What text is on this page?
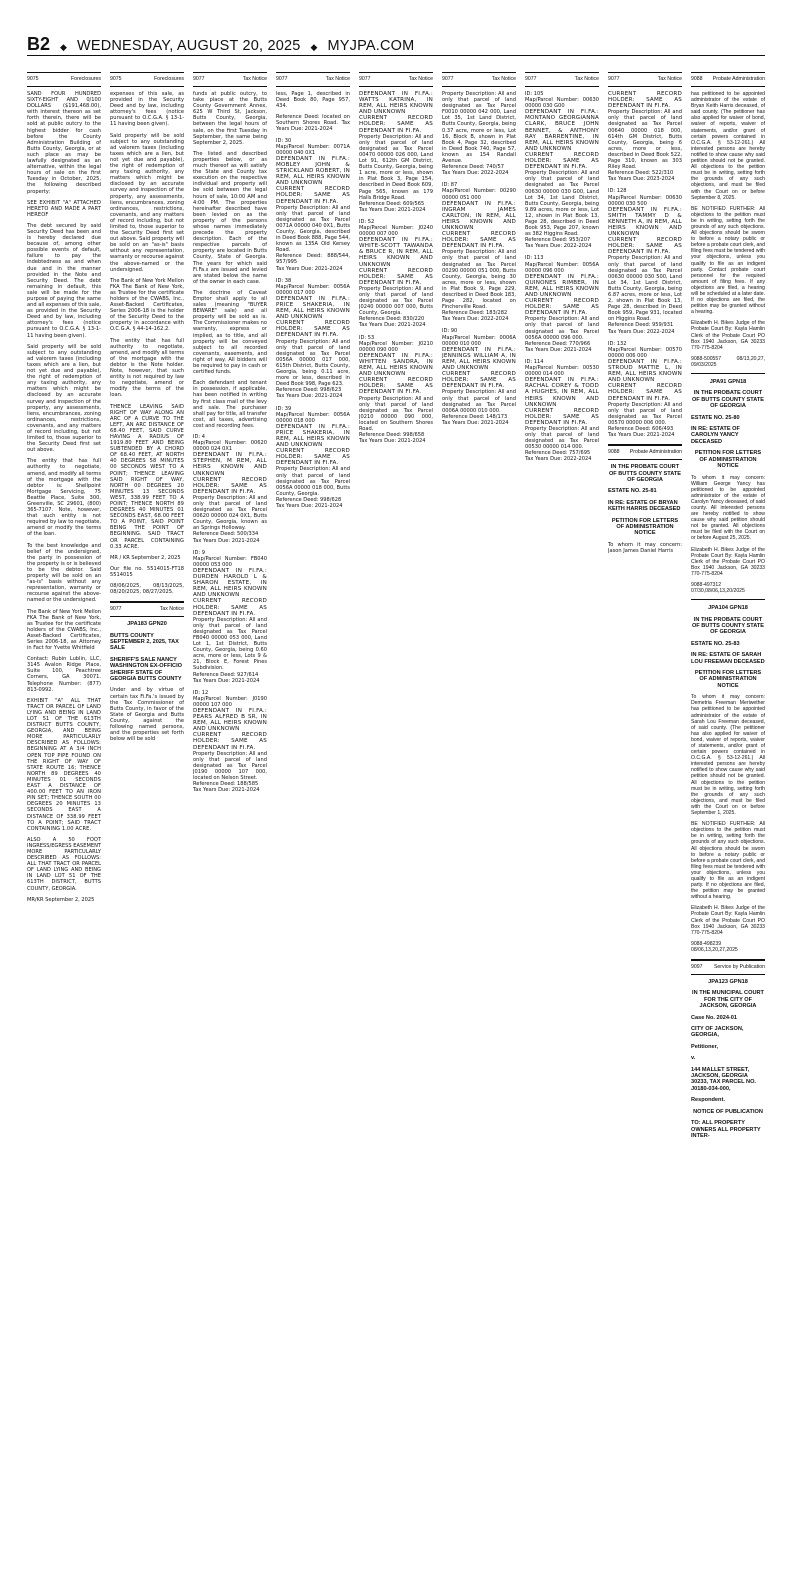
B2 ◆ WEDNESDAY, AUGUST 20, 2025 ◆ MYJPA.COM
9075	Foreclosures
SAND FOUR HUNDRED SIXTY-EIGHT AND 0/100 DOLLARS ($191,468.00), with interest thereon as set forth therein, there will be sold at public outcry to the highest bidder for cash before the County Administration Building of Butts County, Georgia, or at such place as may be lawfully designated as an alternative, within the legal hours of sale on the first Tuesday in October, 2025, the following described property:
SEE EXHIBIT "A" ATTACHED HERETO AND MADE A PART HEREOF
The debt secured by said Security Deed has been and is hereby declared due because of, among other possible events of default, failure to pay the indebtedness as and when due and in the manner provided in the Note and Security Deed. The debt remaining in default, this sale will be made for the purpose of paying the same and all expenses of this sale, as provided in the Security Deed and by law, including attorney's fees (notice pursuant to O.C.G.A. § 13-1-11 having been given).
Said property will be sold subject to any outstanding ad valorem taxes (including taxes which are a lien, but not yet due and payable), the right of redemption of any taxing authority, any matters which might be disclosed by an accurate survey and inspection of the property, any assessments, liens, encumbrances, zoning ordinances, restrictions, covenants, and any matters of record including, but not limited to, those superior to the Security Deed first set out above.
The entity that has full authority to negotiate, amend, and modify all terms of the mortgage with the debtor is: Shellpoint Mortgage Servicing, 75 Beattie Place, Suite 300, Greenville, SC 29601, (800) 365-7107. Note, however, that such entity is not required by law to negotiate, amend or modify the terms of the loan.
To the best knowledge and belief of the undersigned, the party in possession of the property is or is believed to be the debtor. Said property will be sold on an "as-is" basis without any representation, warranty or recourse against the above-named or the undersigned.
The Bank of New York Mellon FKA The Bank of New York, as Trustee for the certificate holders of the CWABS, Inc., Asset-Backed Certificates, Series 2006-18, as Attorney in Fact for Yvette Whitfield
Contact: Rubin Lublin, LLC, 3145 Avalon Ridge Place, Suite 100, Peachtree Corners, GA 30071. Telephone Number: (877) 813-0992.
EXHIBIT "A" ALL THAT TRACT OR PARCEL OF LAND LYING AND BEING IN LAND LOT 51 OF THE 613TH DISTRICT BUTTS COUNTY, GEORGIA, AND BEING MORE PARTICULARLY DESCRIBED AS FOLLOWS: BEGINNING AT A 3/4 INCH OPEN TOP PIPE FOUND ON THE RIGHT OF WAY OF STATE ROUTE 16; THENCE NORTH 89 DEGREES 40 MINUTES 01 SECONDS EAST A DISTANCE OF 400.00 FEET TO AN IRON PIN SET; THENCE SOUTH 00 DEGREES 20 MINUTES 13 SECONDS EAST A DISTANCE OF 338.99 FEET TO A POINT; SAID TRACT CONTAINING 1.00 ACRE.
ALSO A 50 FOOT INGRESS/EGRESS EASEMENT MORE PARTICULARLY DESCRIBED AS FOLLOWS: ALL THAT TRACT OR PARCEL OF LAND LYING AND BEING IN LAND LOT 51 OF THE 613TH DISTRICT, BUTTS COUNTY, GEORGIA.
MR/KR September 2, 2025
9075	Foreclosures
expenses of this sale, as provided in the Security Deed and by law, including attorney's fees (notice pursuant to O.C.G.A. § 13-1-11 having been given).
Said property will be sold subject to any outstanding ad valorem taxes (including taxes which are a lien, but not yet due and payable), the right of redemption of any taxing authority, any matters which might be disclosed by an accurate survey and inspection of the property, any assessments, liens, encumbrances, zoning ordinances, restrictions, covenants, and any matters of record including, but not limited to, those superior to the Security Deed first set out above. Said property will be sold on an "as-is" basis without any representation, warranty or recourse against the above-named or the undersigned.
The Bank of New York Mellon FKA The Bank of New York, as Trustee for the certificate holders of the CWABS, Inc., Asset-Backed Certificates, Series 2006-18 is the holder of the Security Deed to the property in accordance with O.C.G.A. § 44-14-162.2.
The entity that has full authority to negotiate, amend, and modify all terms of the mortgage with the debtor is the Note holder. Note, however, that such entity is not required by law to negotiate, amend or modify the terms of the loan.
THENCE LEAVING SAID RIGHT OF WAY ALONG AN ARC OF A CURVE TO THE LEFT, AN ARC DISTANCE OF 68.40 FEET, SAID CURVE HAVING A RADIUS OF 1919.80 FEET AND BEING SUBTENDED BY A CHORD OF 68.40 FEET, AT NORTH 40 DEGREES 58 MINUTES 00 SECONDS WEST TO A POINT; THENCE LEAVING SAID RIGHT OF WAY, NORTH 00 DEGREES 20 MINUTES 13 SECONDS WEST, 338.99 FEET TO A POINT; THENCE NORTH 89 DEGREES 40 MINUTES 01 SECONDS EAST, 68.00 FEET TO A POINT, SAID POINT BEING THE POINT OF BEGINNING. SAID TRACT OR PARCEL CONTAINING 0.33 ACRE.
MR / KR September 2, 2025
Our file no. 5514015-FT18 5514015
08/06/2025, 08/13/2025, 08/20/2025, 08/27/2025.
9077	Tax Notice
JPA183 GPN20
BUTTS COUNTY SEPTEMBER 2, 2025, TAX SALE
SHERIFF'S SALE NANCY WASHINGTON EX-OFFICIO SHERIFF STATE OF GEORGIA BUTTS COUNTY
Under and by virtue of certain tax Fi.Fa.'s issued by the Tax Commissioner of Butts County, in favor of the State of Georgia and Butts County, against the following named persons, and the properties set forth below will be sold
9077	Tax Notice
funds at public outcry, to take place at the Butts County Government Annex, 625 W Third St, Jackson, Butts County, Georgia, between the legal hours of sale, on the first Tuesday in September, the same being September 2, 2025.
The listed and described properties below, or as much thereof as will satisfy the State and County tax execution on the respective individual and property will be sold between the legal hours of sale, 10:00 AM and 4:00 PM. The properties hereinafter described have been levied on as the property of the persons whose names immediately precede the property description. Each of the respective parcels of property are located in Butts County, State of Georgia. The years for which said Fi.Fa.s are issued and levied are stated below the name of the owner in each case.
The doctrine of Caveat Emptor shall apply to all sales (meaning "BUYER BEWARE" sale) and all property will be sold as is. The Commissioner makes no warranty, express or implied, as to title, and all property will be conveyed subject to all recorded covenants, easements, and right of way. All bidders will be required to pay in cash or certified funds.
Each defendant and tenant in possession, if applicable, has been notified in writing by first class mail of the levy and sale. The purchaser shall pay for title, all transfer cost, all taxes, advertising cost and recording fees.
ID: 4
Map/Parcel Number: 00620 00000 024 0X1
DEFENDANT IN FI.FA.: STEPHEN, M REM, ALL HEIRS KNOWN AND UNKNOWN
CURRENT RECORD HOLDER: SAME AS DEFENDANT IN FI.FA.
Property Description: All and only that parcel of land designated as Tax Parcel 00620 00000 024 0X1, Butts County, Georgia, known as an Springs Holloway.
Reference Deed: 500/334
Tax Years Due: 2021-2024
ID: 9
Map/Parcel Number: FB040 00000 053 000
DEFENDANT IN FI.FA.: DURDEN HAROLD L & SHARON ESTATE, IN REM, ALL HEIRS KNOWN AND UNKNOWN
CURRENT RECORD HOLDER: SAME AS DEFENDANT IN FI.FA.
Property Description: All and only that parcel of land designated as Tax Parcel FB040 00000 053 000, Land Lot 1, 1st District, Butts County, Georgia, being 0.60 acre, more or less, Lots 9 & 21, Block E, Forest Pines Subdivision.
Reference Deed: 927/614
Tax Years Due: 2021-2024
ID: 12
Map/Parcel Number: J0190 00000 107 000
DEFENDANT IN FI.FA.: PEARS ALFRED B SR, IN REM, ALL HEIRS KNOWN AND UNKNOWN
CURRENT RECORD HOLDER: SAME AS DEFENDANT IN FI.FA.
Property Description: All and only that parcel of land designated as Tax Parcel J0190 00000 107 000, located on Nelson Street.
Reference Deed: 188/585
Tax Years Due: 2021-2024
9077	Tax Notice
less, Page 1, described in Deed Book 80, Page 957, 434.
Reference Deed: located on Southern Shores Road. Tax Years Due: 2021-2024
ID: 30
Map/Parcel Number: 0071A 00000 040 0X1
DEFENDANT IN FI.FA.: MOBLEY JOHN & STRICKLAND ROBERT, IN REM, ALL HEIRS KNOWN AND UNKNOWN
CURRENT RECORD HOLDER: SAME AS DEFENDANT IN FI.FA.
Property Description: All and only that parcel of land designated as Tax Parcel 0071A 00000 040 0X1, Butts County, Georgia, described in Deed Book 888, Page 544, known as 135A Old Kersey Road.
Reference Deed: 888/544, 957/995
Tax Years Due: 2021-2024
ID: 38
Map/Parcel Number: 0056A 00000 017 000
DEFENDANT IN FI.FA.: PRICE SHAKERIA, IN REM, ALL HEIRS KNOWN AND UNKNOWN
CURRENT RECORD HOLDER: SAME AS DEFENDANT IN FI.FA.
Property Description: All and only that parcel of land designated as Tax Parcel 0056A 00000 017 000, 615th District, Butts County, Georgia, being 0.11 acre, more or less, described in Deed Book 998, Page 623.
Reference Deed: 998/623
Tax Years Due: 2021-2024
ID: 39
Map/Parcel Number: 0056A 00000 018 000
DEFENDANT IN FI.FA.: PRICE SHAKERIA, IN REM, ALL HEIRS KNOWN AND UNKNOWN
CURRENT RECORD HOLDER: SAME AS DEFENDANT IN FI.FA.
Property Description: All and only that parcel of land designated as Tax Parcel 0056A 00000 018 000, Butts County, Georgia.
Reference Deed: 998/628
Tax Years Due: 2021-2024
9077	Tax Notice
DEFENDANT IN FI.FA.: WATTS KATRINA, IN REM, ALL HEIRS KNOWN AND UNKNOWN
CURRENT RECORD HOLDER: SAME AS DEFENDANT IN FI.FA.
Property Description: All and only that parcel of land designated as Tax Parcel 00470 00000 026 000, Land Lot 91, 612th GM District, Butts County, Georgia, being 1 acre, more or less, shown in Plat Book 3, Page 154, described in Deed Book 609, Page 565, known as 179 Halls Bridge Road.
Reference Deed: 609/565
Tax Years Due: 2021-2024
ID: 52
Map/Parcel Number: J0240 00000 007 000
DEFENDANT IN FI.FA.: WHITE-SCOTT TAWANDA & BRUCE R, IN REM, ALL HEIRS KNOWN AND UNKNOWN
CURRENT RECORD HOLDER: SAME AS DEFENDANT IN FI.FA.
Property Description: All and only that parcel of land designated as Tax Parcel J0240 00000 007 000, Butts County, Georgia.
Reference Deed: 830/220
Tax Years Due: 2021-2024
ID: 53
Map/Parcel Number: J0210 00000 090 000
DEFENDANT IN FI.FA.: WHITTEN SANDRA, IN REM, ALL HEIRS KNOWN AND UNKNOWN
CURRENT RECORD HOLDER: SAME AS DEFENDANT IN FI.FA.
Property Description: All and only that parcel of land designated as Tax Parcel J0210 00000 090 000, located on Southern Shores Road.
Reference Deed: 998/658
Tax Years Due: 2021-2024
9077	Tax Notice
Property Description: All and only that parcel of land designated as Tax Parcel F0010 00000 042 000, Land Lot 35, 1st Land District, Butts County, Georgia, being 0.37 acre, more or less, Lot 16, Block B, shown in Plat Book 4, Page 32, described in Deed Book 740, Page 57, known as 154 Randall Avenue.
Reference Deed: 740/57
Tax Years Due: 2022-2024
ID: 87
Map/Parcel Number: 00290 00000 051 000
DEFENDANT IN FI.FA.: INGRAM JAMES CARLTON, IN REM, ALL HEIRS KNOWN AND UNKNOWN
CURRENT RECORD HOLDER: SAME AS DEFENDANT IN FI.FA.
Property Description: All and only that parcel of land designated as Tax Parcel 00290 00000 051 000, Butts County, Georgia, being 30 acres, more or less, shown in Plat Book 9, Page 229, described in Deed Book 183, Page 282, located on Fincherville Road.
Reference Deed: 183/282
Tax Years Due: 2022-2024
ID: 90
Map/Parcel Number: 0006A 00000 010 000
DEFENDANT IN FI.FA.: JENNINGS WILLIAM A, IN REM, ALL HEIRS KNOWN AND UNKNOWN
CURRENT RECORD HOLDER: SAME AS DEFENDANT IN FI.FA.
Property Description: All and only that parcel of land designated as Tax Parcel 0006A 00000 010 000.
Reference Deed: 148/173
Tax Years Due: 2021-2024
9077	Tax Notice
ID: 105
Map/Parcel Number: 00630 00000 030 G00
DEFENDANT IN FI.FA.: MONTANO GEORGIANNA CLARK, BRUCE JOHN BENNET, & ANTHONY RAY BARRENTINE, IN REM, ALL HEIRS KNOWN AND UNKNOWN
CURRENT RECORD HOLDER: SAME AS DEFENDANT IN FI.FA.
Property Description: All and only that parcel of land designated as Tax Parcel 00630 00000 030 G00, Land Lot 34, 1st Land District, Butts County, Georgia, being 9.89 acres, more or less, Lot 12, shown in Plat Book 13, Page 28, described in Deed Book 953, Page 207, known as 382 Higgins Road.
Reference Deed: 953/207
Tax Years Due: 2022-2024
ID: 113
Map/Parcel Number: 0056A 00000 096 000
DEFENDANT IN FI.FA.: QUINONES RIMBER, IN REM, ALL HEIRS KNOWN AND UNKNOWN
CURRENT RECORD HOLDER: SAME AS DEFENDANT IN FI.FA.
Property Description: All and only that parcel of land designated as Tax Parcel 0056A 00000 096 000.
Reference Deed: 770/966
Tax Years Due: 2021-2024
ID: 114
Map/Parcel Number: 00530 00000 014 000
DEFENDANT IN FI.FA.: RACHAL COREY & TODD A HUGHES, IN REM, ALL HEIRS KNOWN AND UNKNOWN
CURRENT RECORD HOLDER: SAME AS DEFENDANT IN FI.FA.
Property Description: All and only that parcel of land designated as Tax Parcel 00530 00000 014 000.
Reference Deed: 757/695
Tax Years Due: 2022-2024
9077	Tax Notice
CURRENT RECORD HOLDER: SAME AS DEFENDANT IN FI.FA.
Property Description: All and only that parcel of land designated as Tax Parcel 00640 00000 018 000, 614th GM District, Butts County, Georgia, being 6 acres, more or less, described in Deed Book 522, Page 310, known as 303 Riley Road.
Reference Deed: 522/310
Tax Years Due: 2023-2024
ID: 128
Map/Parcel Number: 00630 00000 030 500
DEFENDANT IN FI.FA.: SMITH TAMMY D & KENNETH A, IN REM, ALL HEIRS KNOWN AND UNKNOWN
CURRENT RECORD HOLDER: SAME AS DEFENDANT IN FI.FA.
Property Description: All and only that parcel of land designated as Tax Parcel 00630 00000 030 500, Land Lot 34, 1st Land District, Butts County, Georgia, being 6.87 acres, more or less, Lot 2, shown in Plat Book 13, Page 28, described in Deed Book 959, Page 931, located on Higgins Road.
Reference Deed: 959/931
Tax Years Due: 2022-2024
ID: 132
Map/Parcel Number: 00570 00000 006 000
DEFENDANT IN FI.FA.: STROUD MATTIE L, IN REM, ALL HEIRS KNOWN AND UNKNOWN
CURRENT RECORD HOLDER: SAME AS DEFENDANT IN FI.FA.
Property Description: All and only that parcel of land designated as Tax Parcel 00570 00000 006 000.
Reference Deed: 606/493
Tax Years Due: 2021-2024
9088 Probate Administration
IN THE PROBATE COURT OF BUTTS COUNTY STATE OF GEORGIA
ESTATE NO. 25-81
IN RE: ESTATE OF BRYAN KEITH HARRIS DECEASED
PETITION FOR LETTERS OF ADMINISTRATION NOTICE
To whom it may concern: Jason James Daniel Harris
9088 Probate Administration
has petitioned to be appointed administrator of the estate of Bryan Keith Harris deceased, of said county. (The petitioner has also applied for waiver of bond, waiver of reports, waiver of statements, and/or grant of certain powers contained in O.C.G.A. § 53-12-261.) All interested persons are hereby notified to show cause why said petition should not be granted. All objections to the petition must be in writing, setting forth the grounds of any such objections, and must be filed with the Court on or before September 8, 2025.
BE NOTIFIED FURTHER: All objections to the petition must be in writing, setting forth the grounds of any such objections. All objections should be sworn to before a notary public or before a probate court clerk, and filing fees must be tendered with your objections, unless you qualify to file as an indigent party. Contact probate court personnel for the required amount of filing fees. If any objections are filed, a hearing will be scheduled at a later date. If no objections are filed, the petition may be granted without a hearing.
Elizabeth H. Bikes Judge of the Probate Court By: Kayla Hamlin Clerk of the Probate Court PO Box 1940 Jackson, GA 30233 770-775-8204
9088-500557 08/13,20,27, 09/03/2025
JPA91 GPN18
IN THE PROBATE COURT OF BUTTS COUNTY STATE OF GEORGIA
ESTATE NO. 25-80
IN RE: ESTATE OF CAROLYN YANCY DECEASED
PETITION FOR LETTERS OF ADMINISTRATION NOTICE
To whom it may concern: William George Yancy has petitioned to be appointed administrator of the estate of Carolyn Yancy deceased, of said county. All interested persons are hereby notified to show cause why said petition should not be granted. All objections must be filed with the Court on or before August 25, 2025.
Elizabeth H. Bikes Judge of the Probate Court By: Kayla Hamlin Clerk of the Probate Court PO Box 1940 Jackson, GA 30233 770-775-8204
9088-497312 07/30,08/06,13,20/2025
JPA104 GPN18
IN THE PROBATE COURT OF BUTTS COUNTY STATE OF GEORGIA
ESTATE NO. 25-83
IN RE: ESTATE OF SARAH LOU FREEMAN DECEASED
PETITION FOR LETTERS OF ADMINISTRATION NOTICE
To whom it may concern: Demetria Freeman Meriwether has petitioned to be appointed administrator of the estate of Sarah Lou Freeman deceased, of said county. (The petitioner has also applied for waiver of bond, waiver of reports, waiver of statements, and/or grant of certain powers contained in O.C.G.A. § 53-12-261.) All interested persons are hereby notified to show cause why said petition should not be granted. All objections to the petition must be in writing, setting forth the grounds of any such objections, and must be filed with the Court on or before September 1, 2025.
BE NOTIFIED FURTHER: All objections to the petition must be in writing, setting forth the grounds of any such objections. All objections should be sworn to before a notary public or before a probate court clerk, and filing fees must be tendered with your objections, unless you qualify to file as an indigent party. If no objections are filed, the petition may be granted without a hearing.
Elizabeth H. Bikes Judge of the Probate Court By: Kayla Hamlin Clerk of the Probate Court PO Box 1940 Jackson, GA 30233 770-775-8204
9088-498239 08/06,13,20,27,2025
9097 Service by Publication
JPA123 GPN18
IN THE MUNICIPAL COURT FOR THE CITY OF JACKSON, GEORGIA
Case No. 2024-01
CITY OF JACKSON, GEORGIA,
Petitioner,
v.
144 MALLET STREET, JACKSON, GEORGIA 30233, TAX PARCEL NO. J0180-034-000,
Respondent.
NOTICE OF PUBLICATION
TO: ALL PROPERTY OWNERS ALL PROPERTY INTER-
